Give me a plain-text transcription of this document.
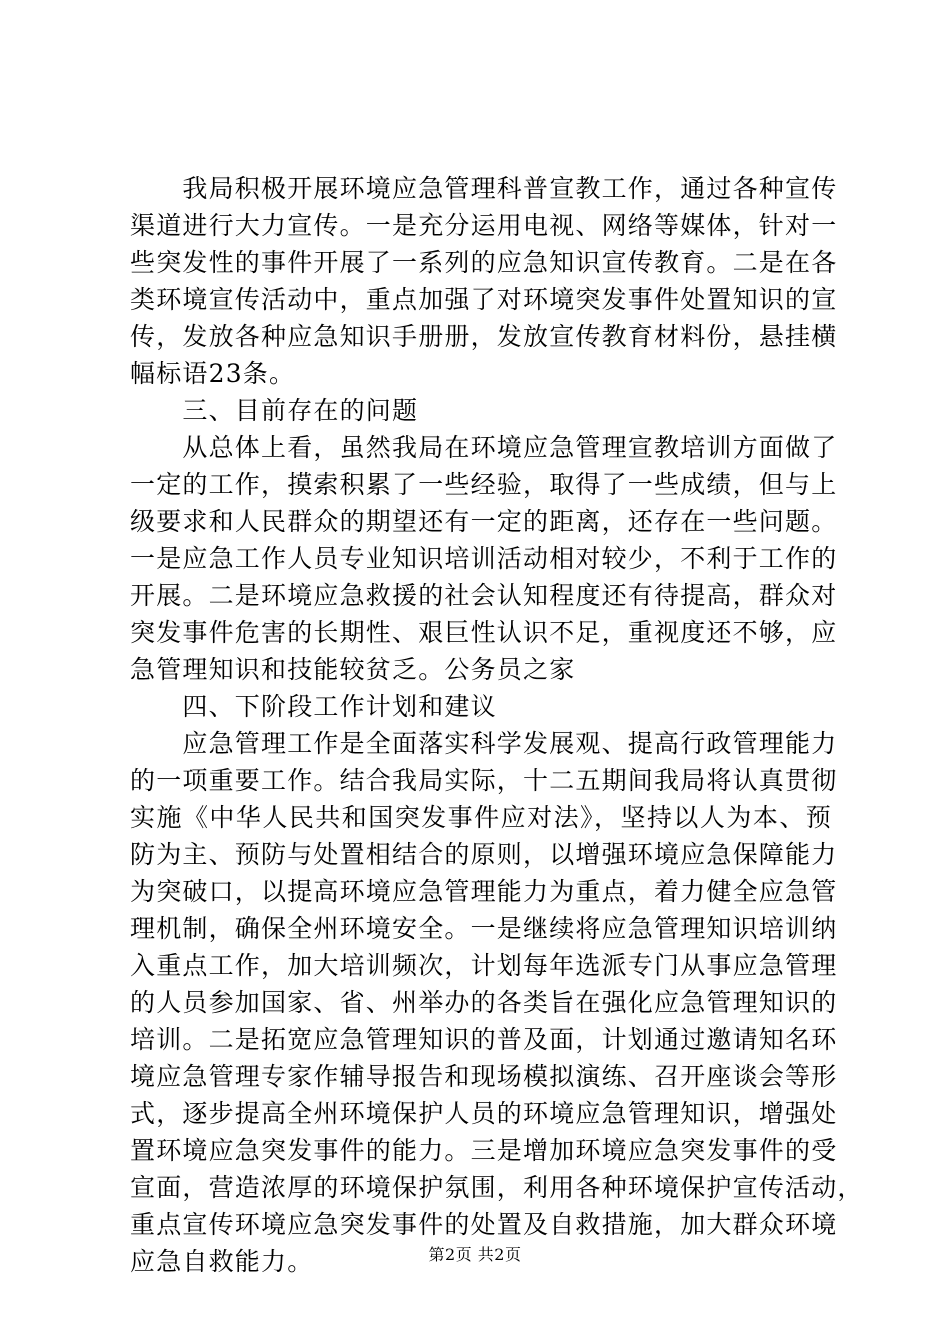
　　我局积极开展环境应急管理科普宣教工作，通过各种宣传
渠道进行大力宣传。一是充分运用电视、网络等媒体，针对一
些突发性的事件开展了一系列的应急知识宣传教育。二是在各
类环境宣传活动中，重点加强了对环境突发事件处置知识的宣
传，发放各种应急知识手册册，发放宣传教育材料份，悬挂横
幅标语23条。
　　三、目前存在的问题
　　从总体上看，虽然我局在环境应急管理宣教培训方面做了
一定的工作，摸索积累了一些经验，取得了一些成绩，但与上
级要求和人民群众的期望还有一定的距离，还存在一些问题。
一是应急工作人员专业知识培训活动相对较少，不利于工作的
开展。二是环境应急救援的社会认知程度还有待提高，群众对
突发事件危害的长期性、艰巨性认识不足，重视度还不够，应
急管理知识和技能较贫乏。公务员之家
　　四、下阶段工作计划和建议
　　应急管理工作是全面落实科学发展观、提高行政管理能力
的一项重要工作。结合我局实际，十二五期间我局将认真贯彻
实施《中华人民共和国突发事件应对法》，坚持以人为本、预
防为主、预防与处置相结合的原则，以增强环境应急保障能力
为突破口，以提高环境应急管理能力为重点，着力健全应急管
理机制，确保全州环境安全。一是继续将应急管理知识培训纳
入重点工作，加大培训频次，计划每年选派专门从事应急管理
的人员参加国家、省、州举办的各类旨在强化应急管理知识的
培训。二是拓宽应急管理知识的普及面，计划通过邀请知名环
境应急管理专家作辅导报告和现场模拟演练、召开座谈会等形
式，逐步提高全州环境保护人员的环境应急管理知识，增强处
置环境应急突发事件的能力。三是增加环境应急突发事件的受
宣面，营造浓厚的环境保护氛围，利用各种环境保护宣传活动，
重点宣传环境应急突发事件的处置及自救措施，加大群众环境
应急自救能力。	第2页 共2页
